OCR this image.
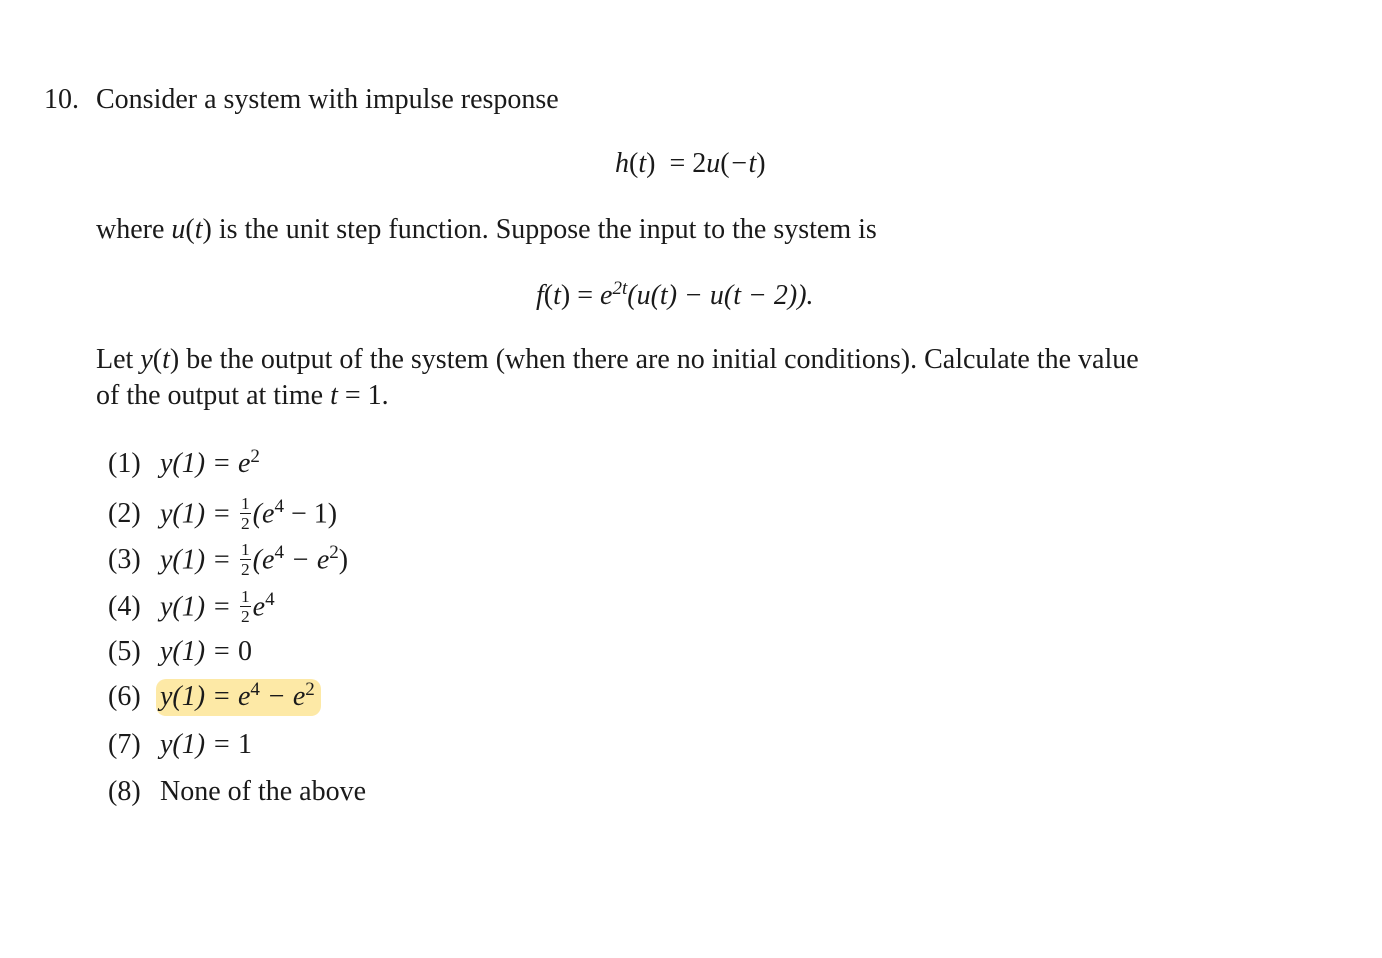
10. Consider a system with impulse response
h(t)  = 2u(−t)
where u(t) is the unit step function. Suppose the input to the system is
$f(t) = e^{2t}(u(t) - u(t - 2))$.
Let y(t) be the output of the system (when there are no initial conditions). Calculate the value
of the output at time t = 1.
(1) $y(1) = e^2$
(2) $y(1) = \frac{1}{2} (e^4 - 1)$
(3) $y(1) = \frac{1}{2} (e^4 - e^2)$
(4) $y(1) = \frac{1}{2} e^4$
(5) y(1) = 0
(6) $y(1) = e^4 - e^2$
(7) y(1) = 1
(8) None of the above
